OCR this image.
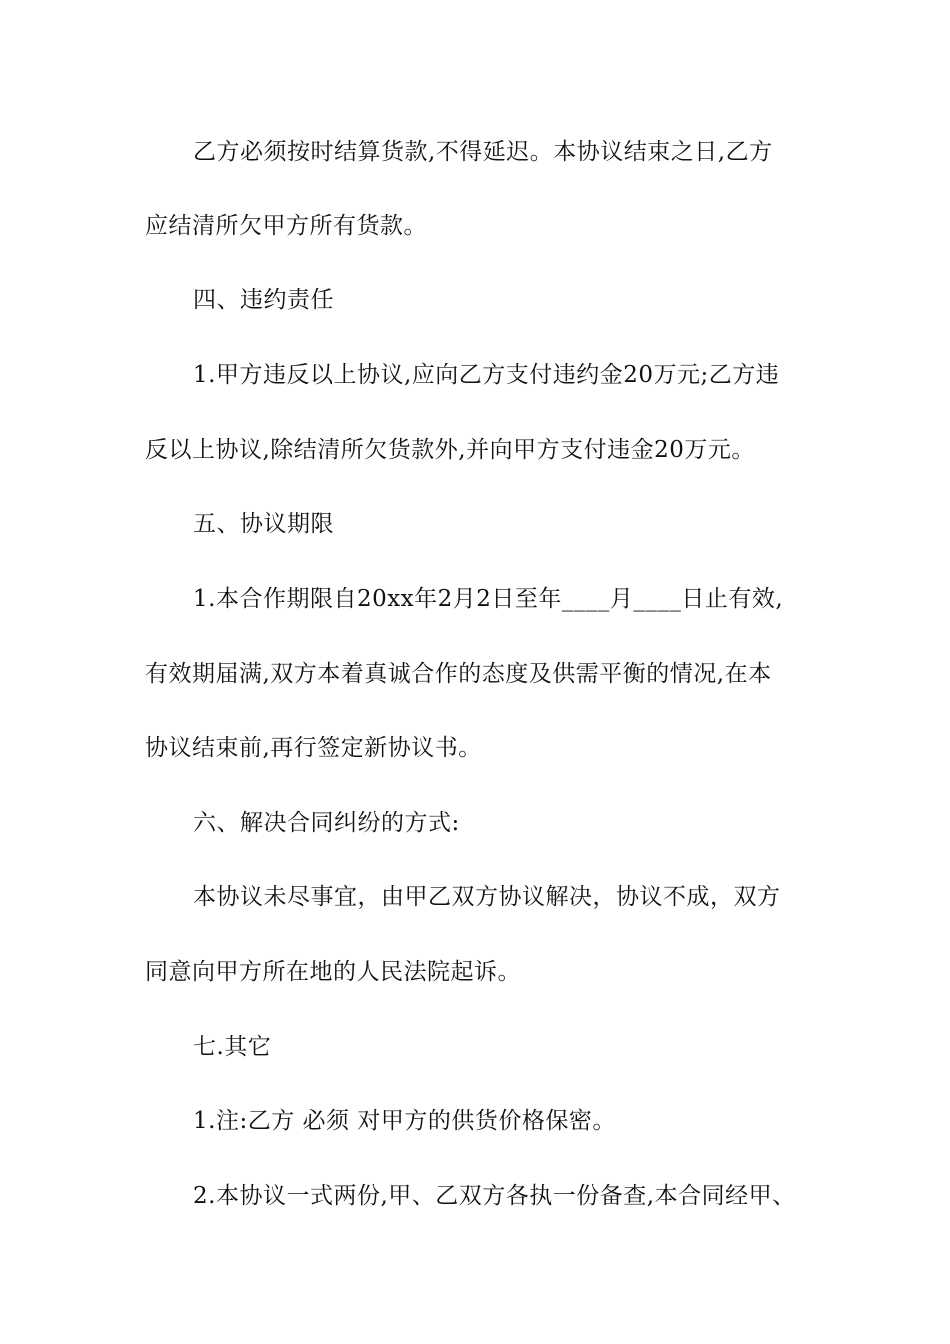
乙方必须按时结算货款,不得延迟。本协议结束之日,乙方

应结清所欠甲方所有货款。

四、违约责任

1.甲方违反以上协议,应向乙方支付违约金20万元;乙方违

反以上协议,除结清所欠货款外,并向甲方支付违金20万元。

五、协议期限

1.本合作期限自20xx年2月2日至年____月____日止有效,

有效期届满,双方本着真诚合作的态度及供需平衡的情况,在本

协议结束前,再行签定新协议书。

六、解决合同纠纷的方式:

本协议未尽事宜，由甲乙双方协议解决，协议不成，双方

同意向甲方所在地的人民法院起诉。

七.其它

1.注:乙方 必须 对甲方的供货价格保密。

2.本协议一式两份,甲、乙双方各执一份备查,本合同经甲、
